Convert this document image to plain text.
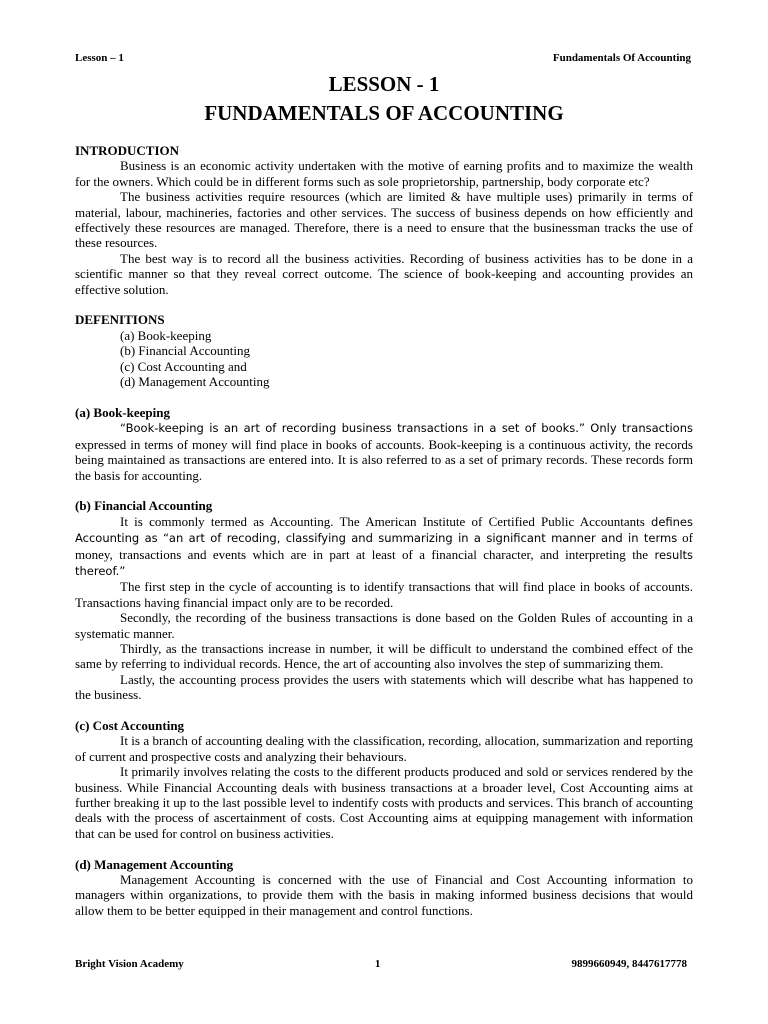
Lesson – 1	Fundamentals Of Accounting
LESSON - 1
FUNDAMENTALS OF ACCOUNTING
INTRODUCTION

Business is an economic activity undertaken with the motive of earning profits and to maximize the wealth for the owners. Which could be in different forms such as sole proprietorship, partnership, body corporate etc?

The business activities require resources (which are limited & have multiple uses) primarily in terms of material, labour, machineries, factories and other services. The success of business depends on how efficiently and effectively these resources are managed. Therefore, there is a need to ensure that the businessman tracks the use of these resources.

The best way is to record all the business activities. Recording of business activities has to be done in a scientific manner so that they reveal correct outcome. The science of book-keeping and accounting provides an effective solution.

DEFENITIONS
(a) Book-keeping
(b) Financial Accounting
(c) Cost Accounting and
(d) Management Accounting
(a) Book-keeping

“Book-keeping is an art of recording business transactions in a set of books.” Only transactions expressed in terms of money will find place in books of accounts. Book-keeping is a continuous activity, the records being maintained as transactions are entered into. It is also referred to as a set of primary records. These records form the basis for accounting.

(b) Financial Accounting

It is commonly termed as Accounting. The American Institute of Certified Public Accountants defines Accounting as “an art of recoding, classifying and summarizing in a significant manner and in terms of money, transactions and events which are in part at least of a financial character, and interpreting the results thereof.”

The first step in the cycle of accounting is to identify transactions that will find place in books of accounts. Transactions having financial impact only are to be recorded.

Secondly, the recording of the business transactions is done based on the Golden Rules of accounting in a systematic manner.

Thirdly, as the transactions increase in number, it will be difficult to understand the combined effect of the same by referring to individual records. Hence, the art of accounting also involves the step of summarizing them.

Lastly, the accounting process provides the users with statements which will describe what has happened to the business.

(c) Cost Accounting

It is a branch of accounting dealing with the classification, recording, allocation, summarization and reporting of current and prospective costs and analyzing their behaviours.

It primarily involves relating the costs to the different products produced and sold or services rendered by the business. While Financial Accounting deals with business transactions at a broader level, Cost Accounting aims at further breaking it up to the last possible level to indentify costs with products and services. This branch of accounting deals with the process of ascertainment of costs. Cost Accounting aims at equipping management with information that can be used for control on business activities.

(d) Management Accounting

Management Accounting is concerned with the use of Financial and Cost Accounting information to managers within organizations, to provide them with the basis in making informed business decisions that would allow them to be better equipped in their management and control functions.

Bright Vision Academy	1	9899660949, 8447617778
